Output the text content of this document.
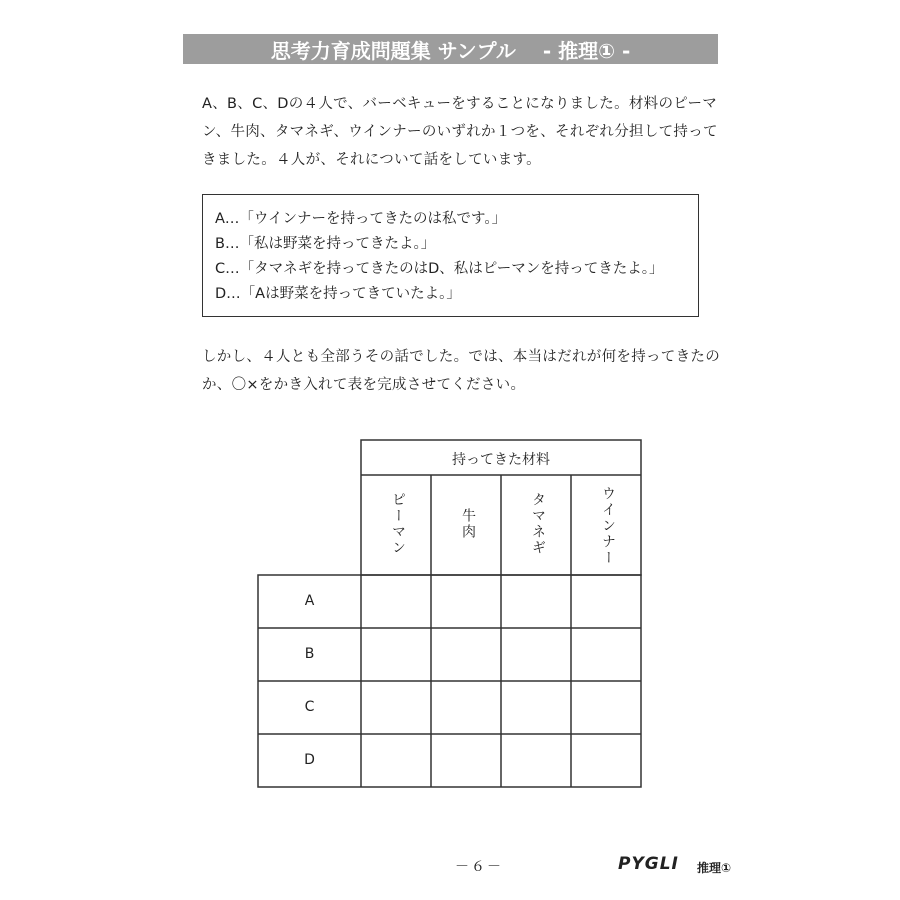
思考力育成問題集 サンプル　 - 推理① -

A、B、C、Dの４人で、バーベキューをすることになりました。材料のピーマン、牛肉、タマネギ、ウインナーのいずれか１つを、それぞれ分担して持ってきました。４人が、それについて話をしています。

A…「ウインナーを持ってきたのは私です。」
B…「私は野菜を持ってきたよ。」
C…「タマネギを持ってきたのはD、私はピーマンを持ってきたよ。」
D…「Aは野菜を持ってきていたよ。」

しかし、４人とも全部うその話でした。では、本当はだれが何を持ってきたのか、〇×をかき入れて表を完成させてください。

持ってきた材料
ピーマン	牛肉	タマネギ	ウインナー
A
B
C
D
－６－	PYGLI 推理①
